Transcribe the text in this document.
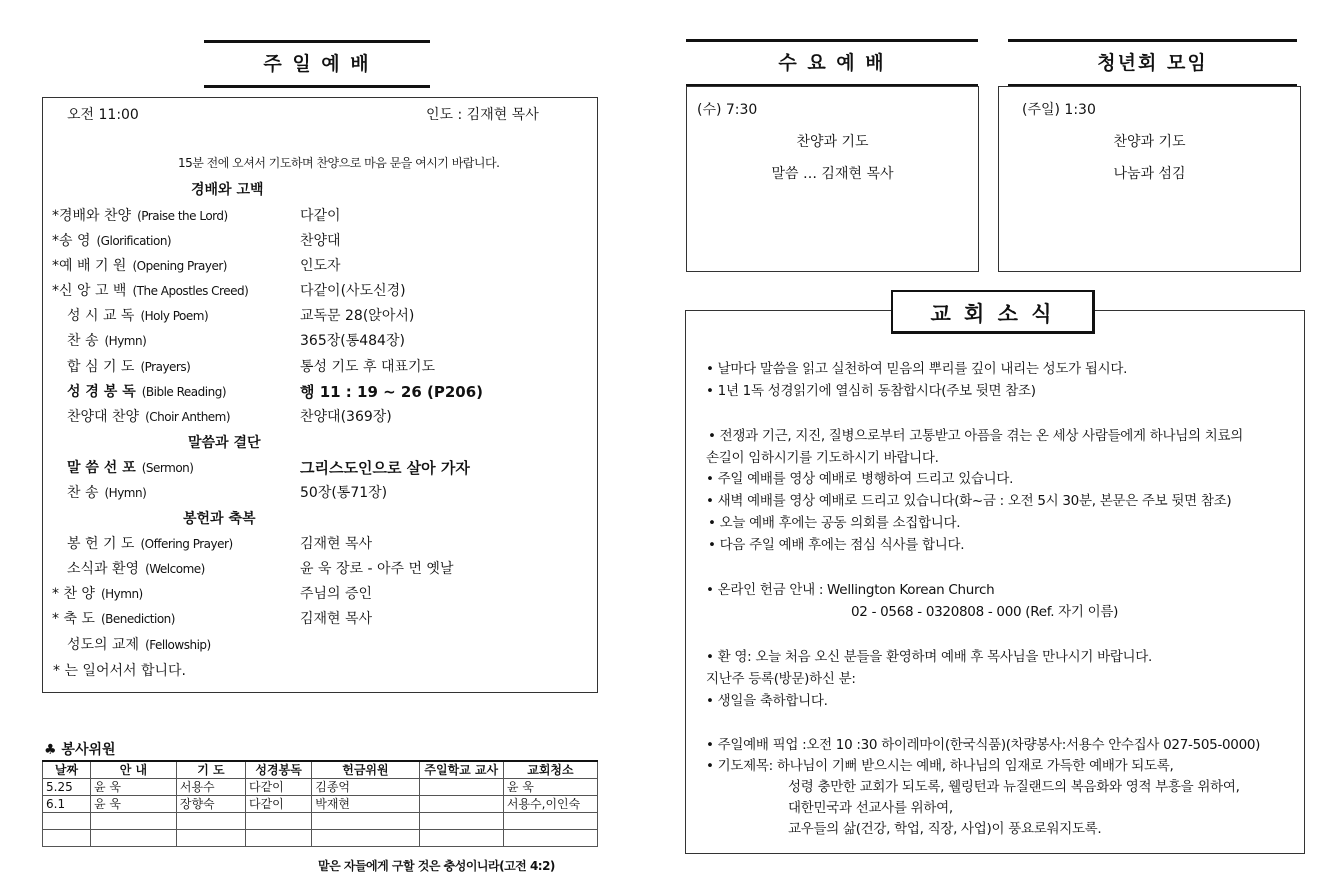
주 일 예 배
오전 11:00	인도 : 김재현 목사
15분 전에 오셔서 기도하며 찬양으로 마음 문을 여시기 바랍니다.
경배와 고백
*경배와 찬양 (Praise the Lord)	다같이
*송 영 (Glorification)	찬양대
*예 배 기 원 (Opening Prayer)	인도자
*신 앙 고 백 (The Apostles Creed)	다같이(사도신경)
성 시 교 독 (Holy Poem)	교독문 28(앉아서)
찬 송 (Hymn)	365장(통484장)
합 심 기 도 (Prayers)	통성 기도 후 대표기도
성 경 봉 독 (Bible Reading)	행 11 : 19 ~ 26 (P206)
찬양대 찬양 (Choir Anthem)	찬양대(369장)
말 씀 선 포 (Sermon)	그리스도인으로 살아 가자
찬 송 (Hymn)	50장(통71장)
봉 헌 기 도 (Offering Prayer)	김재현 목사
소식과 환영 (Welcome)	윤 욱 장로 - 아주 먼 옛날
* 찬 양 (Hymn)	주님의 증인
* 축 도 (Benediction)	김재현 목사
성도의 교제 (Fellowship)
말씀과 결단
봉헌과 축복
* 는 일어서서 합니다.
♣ 봉사위원
날짜	안 내	기 도	성경봉독	헌금위원	주일학교 교사	교회청소
5.25	윤 욱	서용수	다같이	김종억		윤 욱
6.1	윤 욱	장향숙	다같이	박재현		서용수,이인숙

맡은 자들에게 구할 것은 충성이니라(고전 4:2)
수 요 예 배
(수) 7:30
찬양과 기도
말씀 … 김재현 목사
청년회 모임
(주일) 1:30
찬양과 기도
나눔과 섬김
교 회 소 식
• 날마다 말씀을 읽고 실천하여 믿음의 뿌리를 깊이 내리는 성도가 됩시다.
• 1년 1독 성경읽기에 열심히 동참합시다(주보 뒷면 참조)
• 전쟁과 기근, 지진, 질병으로부터 고통받고 아픔을 겪는 온 세상 사람들에게 하나님의 치료의
손길이 임하시기를 기도하시기 바랍니다.
• 주일 예배를 영상 예배로 병행하여 드리고 있습니다.
• 새벽 예배를 영상 예배로 드리고 있습니다(화~금 : 오전 5시 30분, 본문은 주보 뒷면 참조)
• 오늘 예배 후에는 공동 의회를 소집합니다.
• 다음 주일 예배 후에는 점심 식사를 합니다.
• 온라인 헌금 안내 : Wellington Korean Church
02 - 0568 - 0320808 - 000 (Ref. 자기 이름)
• 환 영: 오늘 처음 오신 분들을 환영하며 예배 후 목사님을 만나시기 바랍니다.
지난주 등록(방문)하신 분:
• 생일을 축하합니다.
• 주일예배 픽업 :오전 10 :30 하이레마이(한국식품)(차량봉사:서용수 안수집사 027-505-0000)
• 기도제목: 하나님이 기뻐 받으시는 예배, 하나님의 임재로 가득한 예배가 되도록,
성령 충만한 교회가 되도록, 웰링턴과 뉴질랜드의 복음화와 영적 부흥을 위하여,
대한민국과 선교사를 위하여,
교우들의 삶(건강, 학업, 직장, 사업)이 풍요로워지도록.
